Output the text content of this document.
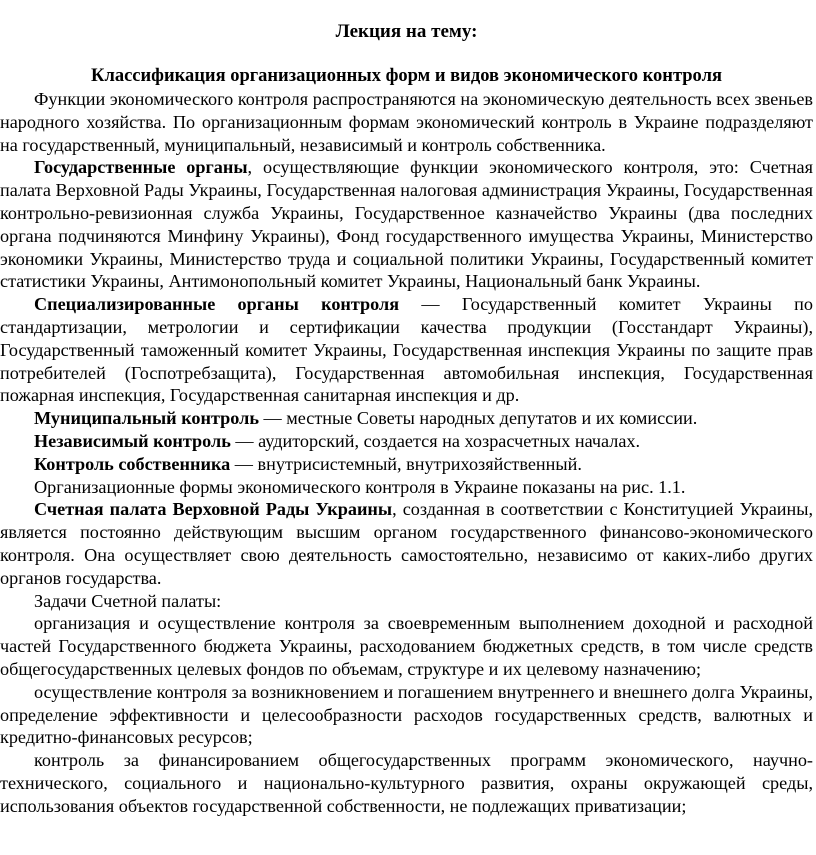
Лекция на тему:
Классификация организационных форм и видов экономического контроля

Функции экономического контроля распространяются на экономическую деятельность всех звеньев народного хозяйства. По организационным формам экономический контроль в Украине подразделяют на государственный, муниципальный, независимый и контроль собственника.

Государственные органы, осуществляющие функции экономического контроля, это: Счетная палата Верховной Рады Украины, Государственная налоговая администрация Украины, Государственная контрольно-ревизионная служба Украины, Государственное казначейство Украины (два последних органа подчиняются Минфину Украины), Фонд государственного имущества Украины, Министерство экономики Украины, Министерство труда и социальной политики Украины, Государственный комитет статистики Украины, Антимонопольный комитет Украины, Национальный банк Украины.

Специализированные органы контроля — Государственный комитет Украины по стандартизации, метрологии и сертификации качества продукции (Госстандарт Украины), Государственный таможенный комитет Украины, Государственная инспекция Украины по защите прав потребителей (Госпотребзащита), Государственная автомобильная инспекция, Государственная пожарная инспекция, Государственная санитарная инспекция и др.

Муниципальный контроль — местные Советы народных депутатов и их комиссии.

Независимый контроль — аудиторский, создается на хозрасчетных началах.

Контроль собственника — внутрисистемный, внутрихозяйственный.

Организационные формы экономического контроля в Украине показаны на рис. 1.1.

Счетная палата Верховной Рады Украины, созданная в соответствии с Конституцией Украины, является постоянно действующим высшим органом государственного финансово-экономического контроля. Она осуществляет свою деятельность самостоятельно, независимо от каких-либо других органов государства.

Задачи Счетной палаты:

организация и осуществление контроля за своевременным выполнением доходной и расходной частей Государственного бюджета Украины, расходованием бюджетных средств, в том числе средств общегосударственных целевых фондов по объемам, структуре и их целевому назначению;

осуществление контроля за возникновением и погашением внутреннего и внешнего долга Украины, определение эффективности и целесообразности расходов государственных средств, валютных и кредитно-финансовых ресурсов;

контроль за финансированием общегосударственных программ экономического, научно-технического, социального и национально-культурного развития, охраны окружающей среды, использования объектов государственной собственности, не подлежащих приватизации;
